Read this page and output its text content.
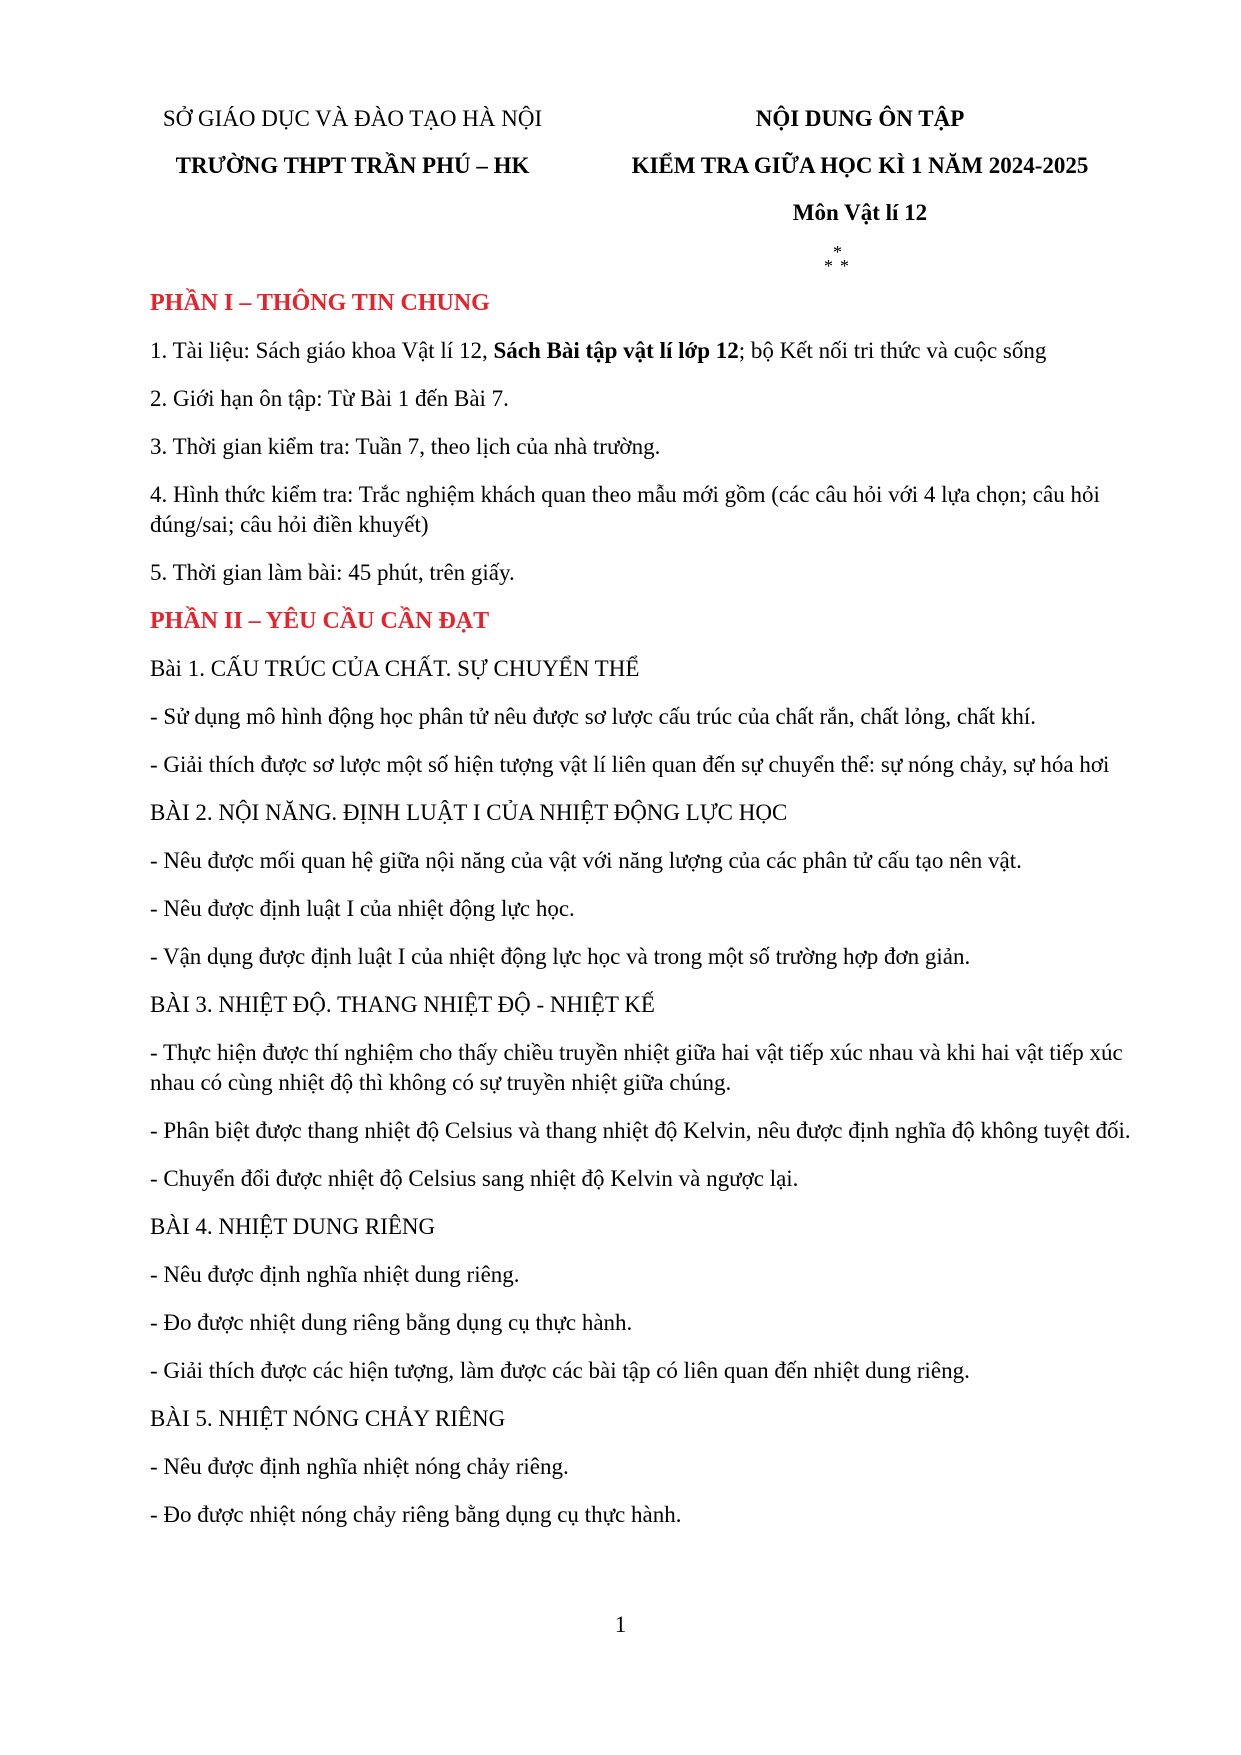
SỞ GIÁO DỤC VÀ ĐÀO TẠO HÀ NỘI
TRƯỜNG THPT TRẦN PHÚ – HK
NỘI DUNG ÔN TẬP
KIỂM TRA GIỮA HỌC KÌ 1 NĂM 2024-2025
Môn Vật lí 12
*
* *

PHẦN I – THÔNG TIN CHUNG

1. Tài liệu: Sách giáo khoa Vật lí 12, Sách Bài tập vật lí lớp 12; bộ Kết nối tri thức và cuộc sống

2. Giới hạn ôn tập: Từ Bài 1 đến Bài 7.

3. Thời gian kiểm tra: Tuần 7, theo lịch của nhà trường.

4. Hình thức kiểm tra: Trắc nghiệm khách quan theo mẫu mới gồm (các câu hỏi với 4 lựa chọn; câu hỏi đúng/sai; câu hỏi điền khuyết)

5. Thời gian làm bài: 45 phút, trên giấy.

PHẦN II – YÊU CẦU CẦN ĐẠT

Bài 1. CẤU TRÚC CỦA CHẤT. SỰ CHUYỂN THỂ

- Sử dụng mô hình động học phân tử nêu được sơ lược cấu trúc của chất rắn, chất lỏng, chất khí.

- Giải thích được sơ lược một số hiện tượng vật lí liên quan đến sự chuyển thể: sự nóng chảy, sự hóa hơi

BÀI 2. NỘI NĂNG. ĐỊNH LUẬT I CỦA NHIỆT ĐỘNG LỰC HỌC

- Nêu được mối quan hệ giữa nội năng của vật với năng lượng của các phân tử cấu tạo nên vật.

- Nêu được định luật I của nhiệt động lực học.

- Vận dụng được định luật I của nhiệt động lực học và trong một số trường hợp đơn giản.

BÀI 3. NHIỆT ĐỘ. THANG NHIỆT ĐỘ - NHIỆT KẾ

- Thực hiện được thí nghiệm cho thấy chiều truyền nhiệt giữa hai vật tiếp xúc nhau và khi hai vật tiếp xúc nhau có cùng nhiệt độ thì không có sự truyền nhiệt giữa chúng.

- Phân biệt được thang nhiệt độ Celsius và thang nhiệt độ Kelvin, nêu được định nghĩa độ không tuyệt đối.

- Chuyển đổi được nhiệt độ Celsius sang nhiệt độ Kelvin và ngược lại.

BÀI 4. NHIỆT DUNG RIÊNG

- Nêu được định nghĩa nhiệt dung riêng.

- Đo được nhiệt dung riêng bằng dụng cụ thực hành.

- Giải thích được các hiện tượng, làm được các bài tập có liên quan đến nhiệt dung riêng.

BÀI 5. NHIỆT NÓNG CHẢY RIÊNG

- Nêu được định nghĩa nhiệt nóng chảy riêng.

- Đo được nhiệt nóng chảy riêng bằng dụng cụ thực hành.

1
